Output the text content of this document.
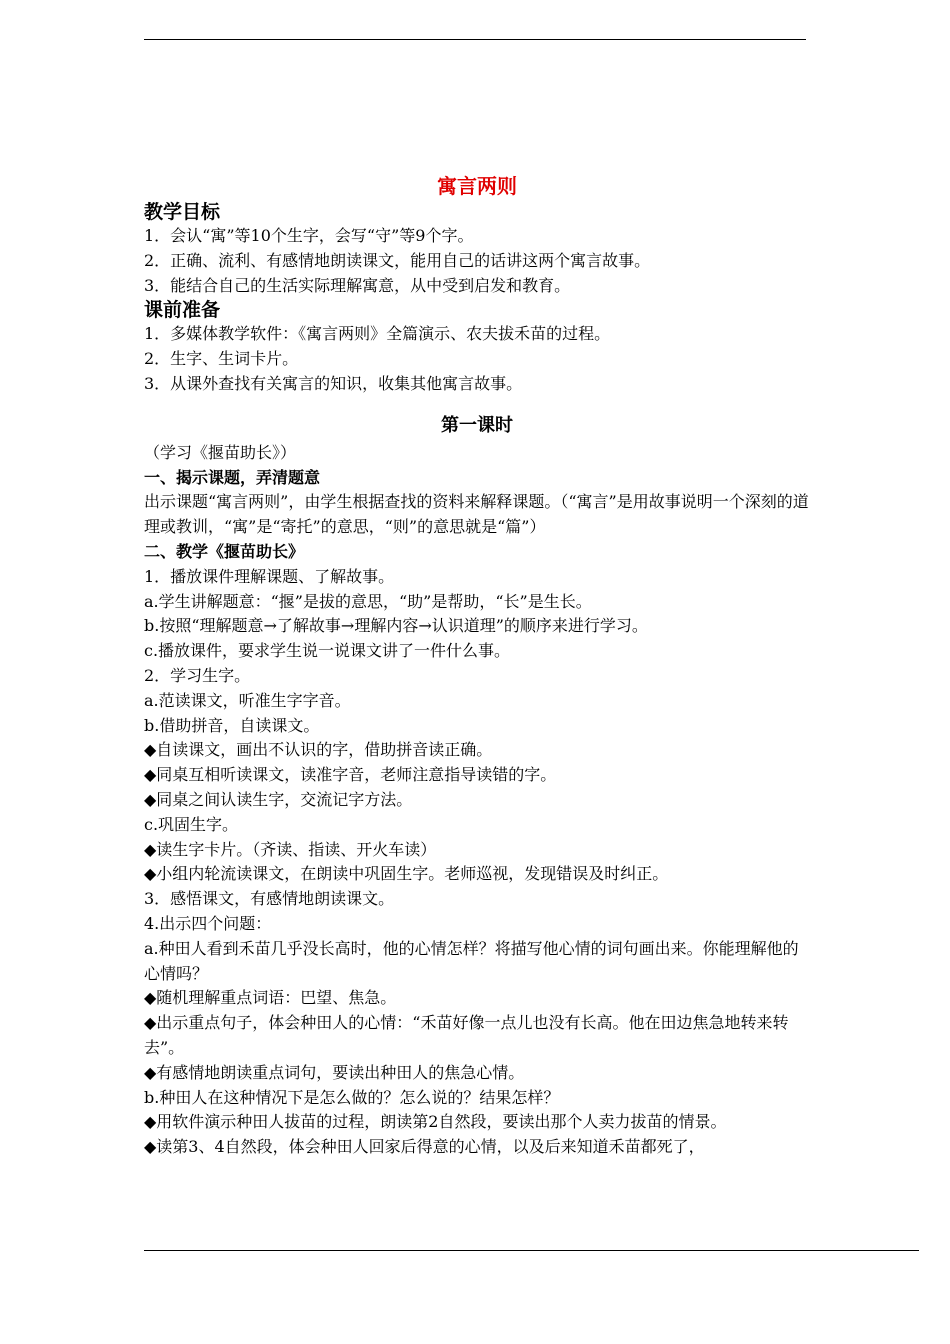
寓言两则
教学目标
1．会认“寓”等10个生字，会写“守”等9个字。
2．正确、流利、有感情地朗读课文，能用自己的话讲这两个寓言故事。
3．能结合自己的生活实际理解寓意，从中受到启发和教育。
课前准备
1．多媒体教学软件：《寓言两则》全篇演示、农夫拔禾苗的过程。
2．生字、生词卡片。
3．从课外查找有关寓言的知识，收集其他寓言故事。
第一课时
（学习《揠苗助长》）
一、揭示课题，弄清题意
出示课题“寓言两则”，由学生根据查找的资料来解释课题。（“寓言”是用故事说明一个深刻的道理或教训，“寓”是“寄托”的意思，“则”的意思就是“篇”）
二、教学《揠苗助长》
1．播放课件理解课题、了解故事。
a.学生讲解题意：“揠”是拔的意思，“助”是帮助，“长”是生长。
b.按照“理解题意→了解故事→理解内容→认识道理”的顺序来进行学习。
c.播放课件，要求学生说一说课文讲了一件什么事。
2．学习生字。
a.范读课文，听准生字字音。
b.借助拼音，自读课文。
◆自读课文，画出不认识的字，借助拼音读正确。
◆同桌互相听读课文，读准字音，老师注意指导读错的字。
◆同桌之间认读生字，交流记字方法。
c.巩固生字。
◆读生字卡片。（齐读、指读、开火车读）
◆小组内轮流读课文，在朗读中巩固生字。老师巡视，发现错误及时纠正。
3．感悟课文，有感情地朗读课文。
4.出示四个问题：
a.种田人看到禾苗几乎没长高时，他的心情怎样？将描写他心情的词句画出来。你能理解他的心情吗？
◆随机理解重点词语：巴望、焦急。
◆出示重点句子，体会种田人的心情：“禾苗好像一点儿也没有长高。他在田边焦急地转来转去”。
◆有感情地朗读重点词句，要读出种田人的焦急心情。
b.种田人在这种情况下是怎么做的？怎么说的？结果怎样？
◆用软件演示种田人拔苗的过程，朗读第2自然段，要读出那个人卖力拔苗的情景。
◆读第3、4自然段，体会种田人回家后得意的心情，以及后来知道禾苗都死了，
